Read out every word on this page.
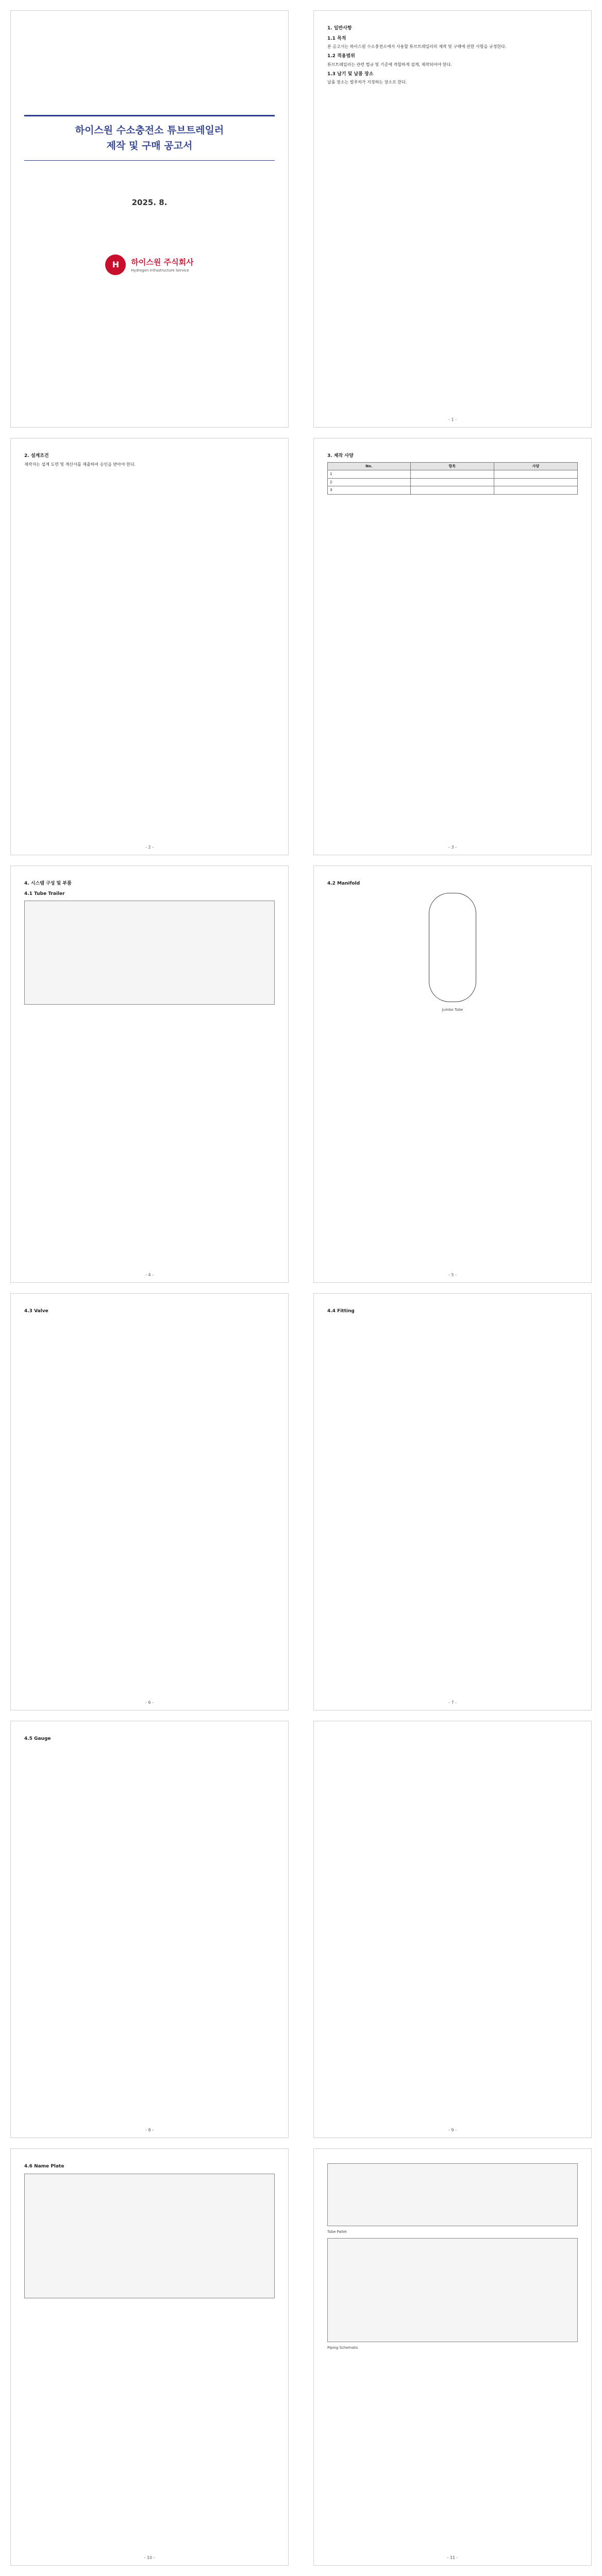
하이스원 수소충전소 튜브트레일러
제작 및 구매 공고서
2025. 8.
H	하이스원 주식회사
Hydrogen Infrastructure Service
1. 일반사항
1.1 목적

본 공고서는 하이스원 수소충전소에서 사용할 튜브트레일러의 제작 및 구매에 관한 사항을 규정한다.

1.2 적용범위

튜브트레일러는 관련 법규 및 기준에 적합하게 설계, 제작되어야 한다.

1.3 납기 및 납품 장소

납품 장소는 발주처가 지정하는 장소로 한다.

- 1 -
2. 설계조건

제작자는 설계 도면 및 계산서를 제출하여 승인을 받아야 한다.

- 2 -
3. 제작 사양
No.	항목	사양
1		
2		
3		
- 3 -
4. 시스템 구성 및 부품
4.1 Tube Trailer
- 4 -
4.2 Manifold

Jumbo Tube

- 5 -
4.3 Valve
- 6 -
4.4 Fitting
- 7 -
4.5 Gauge
- 8 -	- 9 -
4.6 Name Plate
- 10 -

Tube Pallet

Piping Schematic

- 11 -
